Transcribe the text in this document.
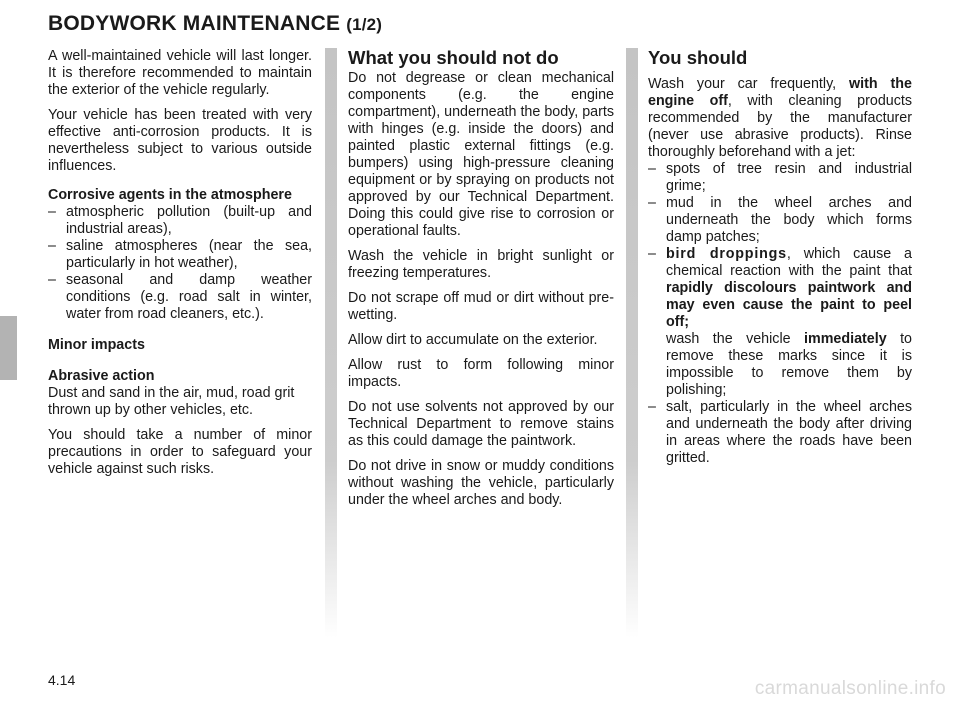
BODYWORK MAINTENANCE (1/2)

A well-maintained vehicle will last longer. It is therefore recommended to maintain the exterior of the vehicle regularly.

Your vehicle has been treated with very effective anti-corrosion products. It is nevertheless subject to various outside influences.

Corrosive agents in the atmosphere
– atmospheric pollution (built-up and industrial areas),
– saline atmospheres (near the sea, particularly in hot weather),
– seasonal and damp weather conditions (e.g. road salt in winter, water from road cleaners, etc.).
Minor impacts
Abrasive action

Dust and sand in the air, mud, road grit thrown up by other vehicles, etc.

You should take a number of minor precautions in order to safeguard your vehicle against such risks.

What you should not do

Do not degrease or clean mechanical components (e.g. the engine compartment), underneath the body, parts with hinges (e.g. inside the doors) and painted plastic external fittings (e.g. bumpers) using high-pressure cleaning equipment or by spraying on products not approved by our Technical Department. Doing this could give rise to corrosion or operational faults.

Wash the vehicle in bright sunlight or freezing temperatures.

Do not scrape off mud or dirt without pre-wetting.

Allow dirt to accumulate on the exterior.

Allow rust to form following minor impacts.

Do not use solvents not approved by our Technical Department to remove stains as this could damage the paintwork.

Do not drive in snow or muddy conditions without washing the vehicle, particularly under the wheel arches and body.

You should

Wash your car frequently, with the engine off, with cleaning products recommended by the manufacturer (never use abrasive products). Rinse thoroughly beforehand with a jet:

– spots of tree resin and industrial grime;
– mud in the wheel arches and underneath the body which forms damp patches;
– bird droppings, which cause a chemical reaction with the paint that rapidly discolours paintwork and may even cause the paint to peel off;
wash the vehicle immediately to remove these marks since it is impossible to remove them by polishing;
– salt, particularly in the wheel arches and underneath the body after driving in areas where the roads have been gritted.
4.14	carmanualsonline.info
